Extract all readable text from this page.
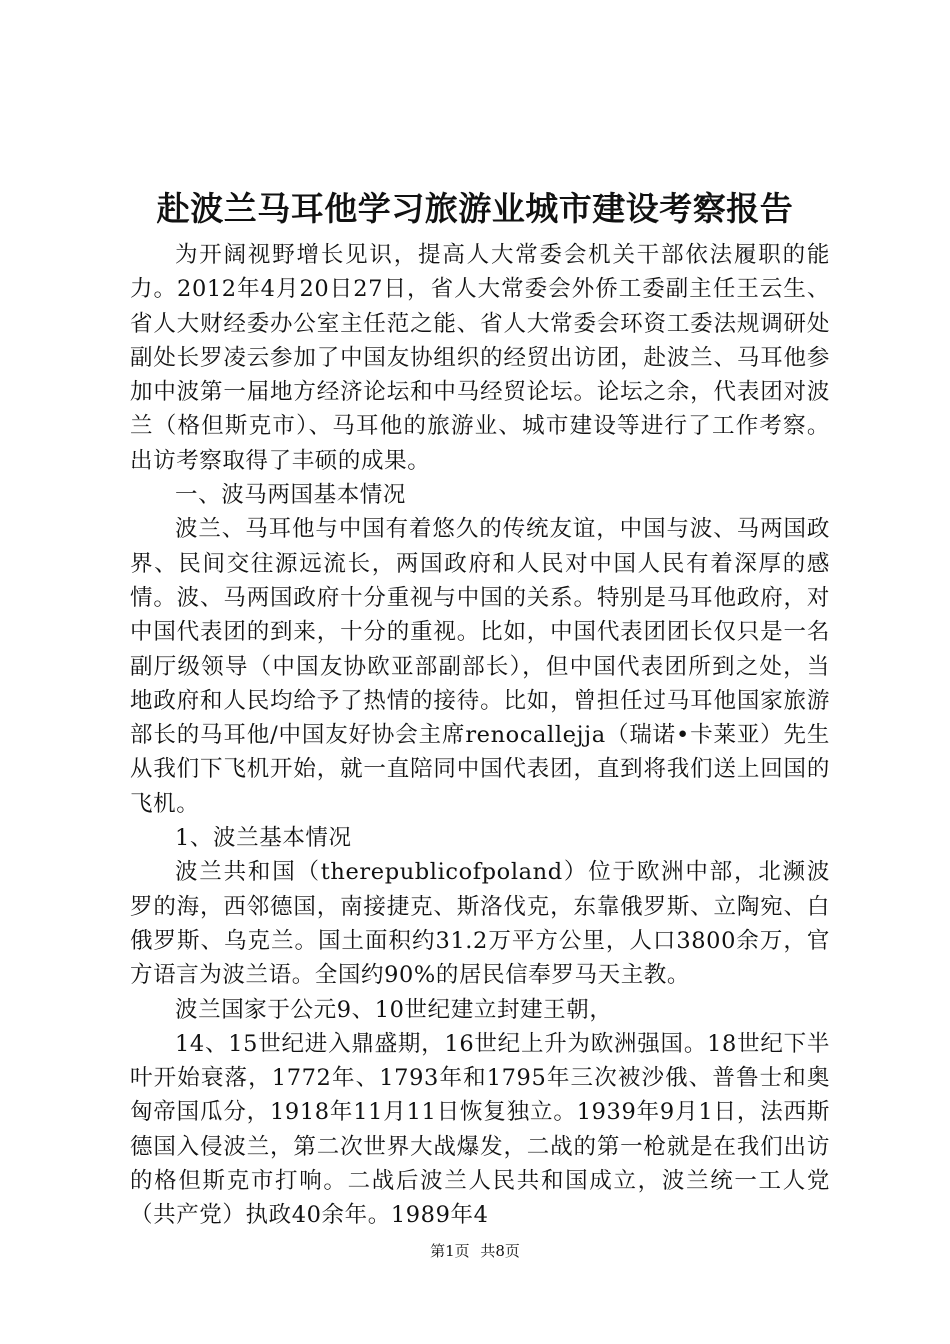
赴波兰马耳他学习旅游业城市建设考察报告

为开阔视野增长见识，提高人大常委会机关干部依法履职的能力。2012年4月20日27日，省人大常委会外侨工委副主任王云生、省人大财经委办公室主任范之能、省人大常委会环资工委法规调研处副处长罗凌云参加了中国友协组织的经贸出访团，赴波兰、马耳他参加中波第一届地方经济论坛和中马经贸论坛。论坛之余，代表团对波兰（格但斯克市）、马耳他的旅游业、城市建设等进行了工作考察。出访考察取得了丰硕的成果。

一、波马两国基本情况

波兰、马耳他与中国有着悠久的传统友谊，中国与波、马两国政界、民间交往源远流长，两国政府和人民对中国人民有着深厚的感情。波、马两国政府十分重视与中国的关系。特别是马耳他政府，对中国代表团的到来，十分的重视。比如，中国代表团团长仅只是一名副厅级领导（中国友协欧亚部副部长），但中国代表团所到之处，当地政府和人民均给予了热情的接待。比如，曾担任过马耳他国家旅游部长的马耳他/中国友好协会主席renocallejja（瑞诺•卡莱亚）先生从我们下飞机开始，就一直陪同中国代表团，直到将我们送上回国的飞机。

1、波兰基本情况

波兰共和国（therepublicofpoland）位于欧洲中部，北濒波罗的海，西邻德国，南接捷克、斯洛伐克，东靠俄罗斯、立陶宛、白俄罗斯、乌克兰。国土面积约31.2万平方公里，人口3800余万，官方语言为波兰语。全国约90%的居民信奉罗马天主教。

波兰国家于公元9、10世纪建立封建王朝，

14、15世纪进入鼎盛期，16世纪上升为欧洲强国。18世纪下半叶开始衰落，1772年、1793年和1795年三次被沙俄、普鲁士和奥匈帝国瓜分，1918年11月11日恢复独立。1939年9月1日，法西斯德国入侵波兰，第二次世界大战爆发，二战的第一枪就是在我们出访的格但斯克市打响。二战后波兰人民共和国成立，波兰统一工人党（共产党）执政40余年。1989年4

第1页 共8页
